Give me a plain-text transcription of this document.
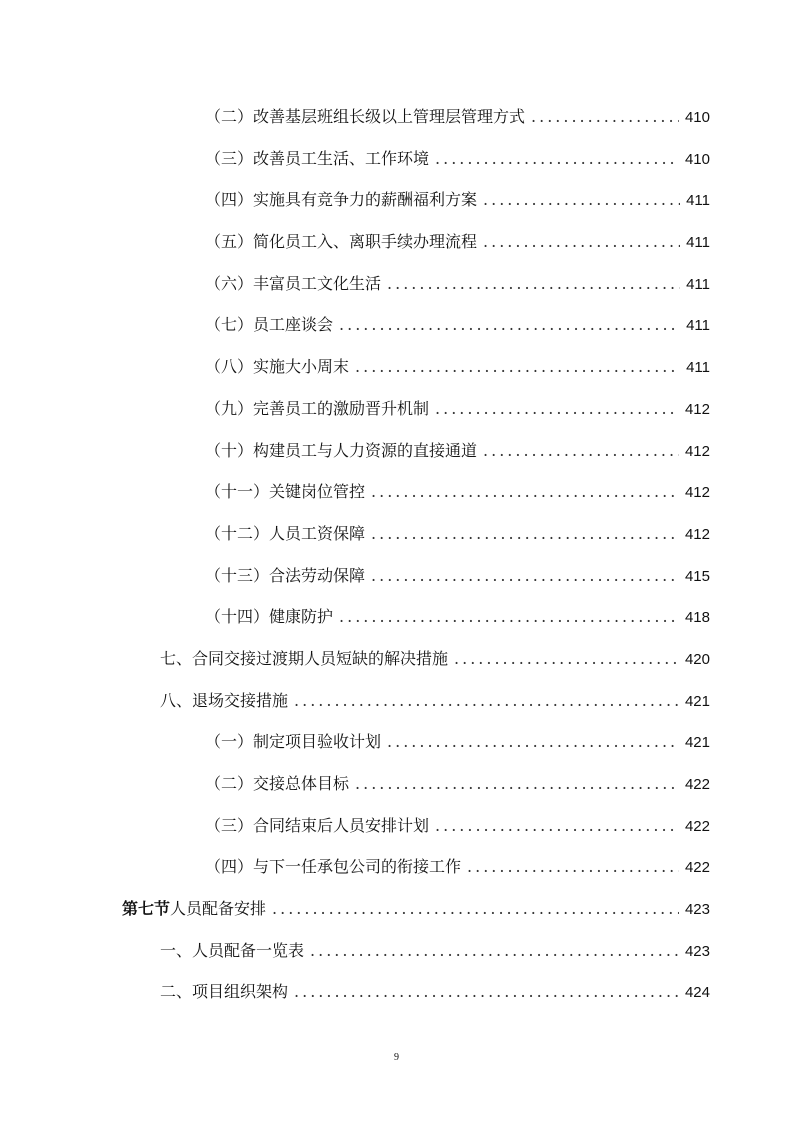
（二） 改善基层班组长级以上管理层管理方式 .....	410
（三） 改善员工生活、工作环境 .....	410
（四） 实施具有竞争力的薪酬福利方案 .....	411
（五） 简化员工入、离职手续办理流程 .....	411
（六） 丰富员工文化生活 .....	411
（七） 员工座谈会 .....	411
（八） 实施大小周末 .....	411
（九） 完善员工的激励晋升机制 .....	412
（十） 构建员工与人力资源的直接通道 .....	412
（十一） 关键岗位管控 .....	412
（十二） 人员工资保障 .....	412
（十三） 合法劳动保障 .....	415
（十四） 健康防护 .....	418
七、 合同交接过渡期人员短缺的解决措施 .....	420
八、 退场交接措施 .....	421
（一） 制定项目验收计划 .....	421
（二） 交接总体目标 .....	422
（三） 合同结束后人员安排计划 .....	422
（四） 与下一任承包公司的衔接工作 .....	422
第七节 人员配备安排 .....	423
一、 人员配备一览表 .....	423
二、 项目组织架构 .....	424
9
